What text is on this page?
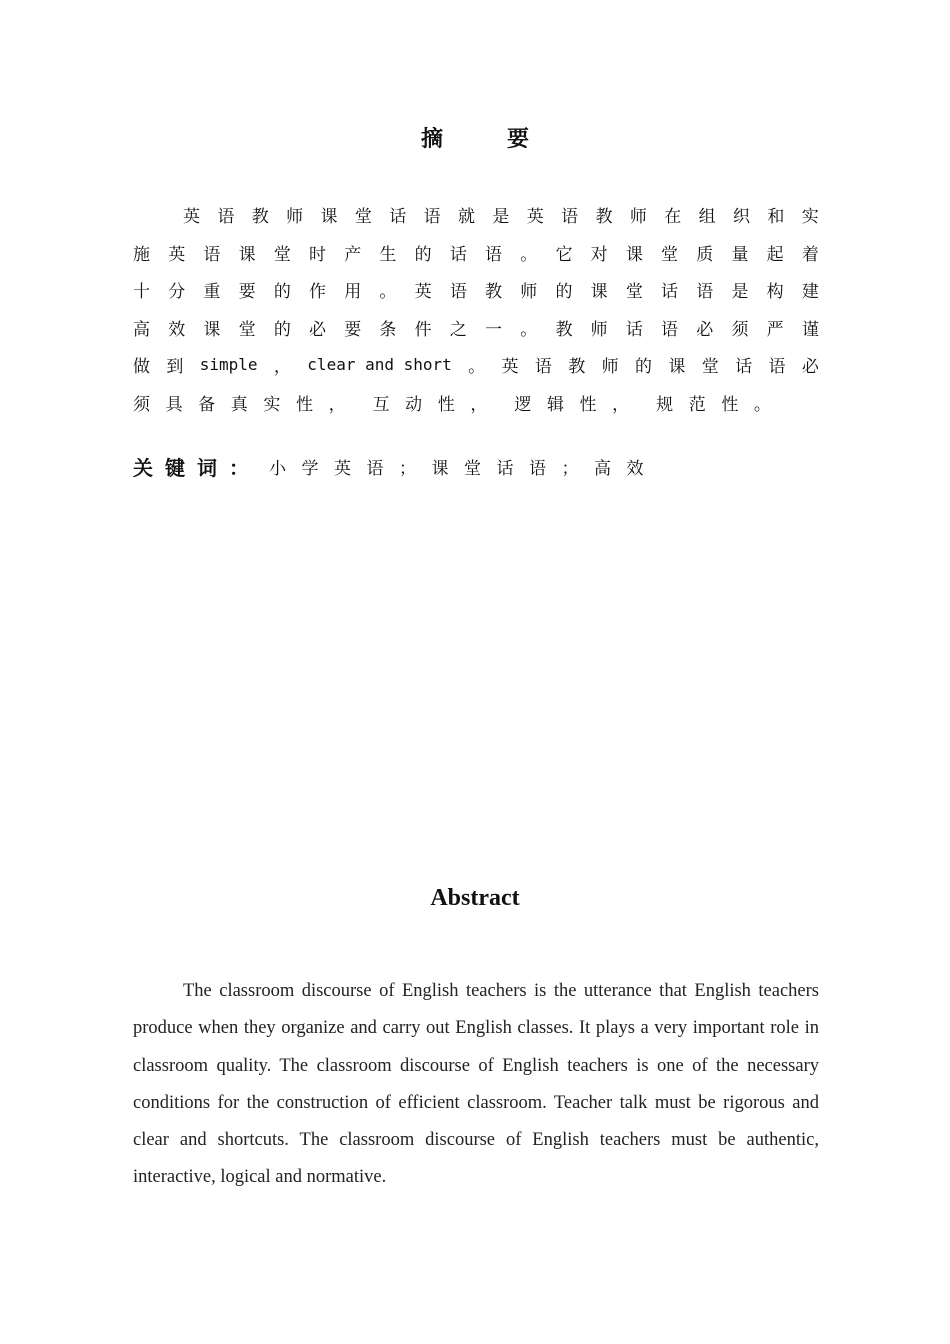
摘	要
英 语 教 师 课 堂 话 语 就 是 英 语 教 师 在 组 织 和 实
施 英 语 课 堂 时 产 生 的 话 语 。 它 对 课 堂 质 量 起 着
十 分 重 要 的 作 用 。 英 语 教 师 的 课 堂 话 语 是 构 建
高 效 课 堂 的 必 要 条 件 之 一 。 教 师 话 语 必 须 严 谨
做 到 simple ， clear and short 。 英 语 教 师 的 课 堂 话 语 必
须 具 备 真 实 性 ， 互 动 性 ， 逻 辑 性 ， 规 范 性 。
关键词： 小学英语；课堂话语；高效
Abstract
The classroom discourse of English teachers is the utterance that English teachers produce when they organize and carry out English classes. It plays a very important role in classroom quality. The classroom discourse of English teachers is one of the necessary conditions for the construction of efficient classroom. Teacher talk must be rigorous and clear and shortcuts. The classroom discourse of English teachers must be authentic, interactive, logical and normative.
